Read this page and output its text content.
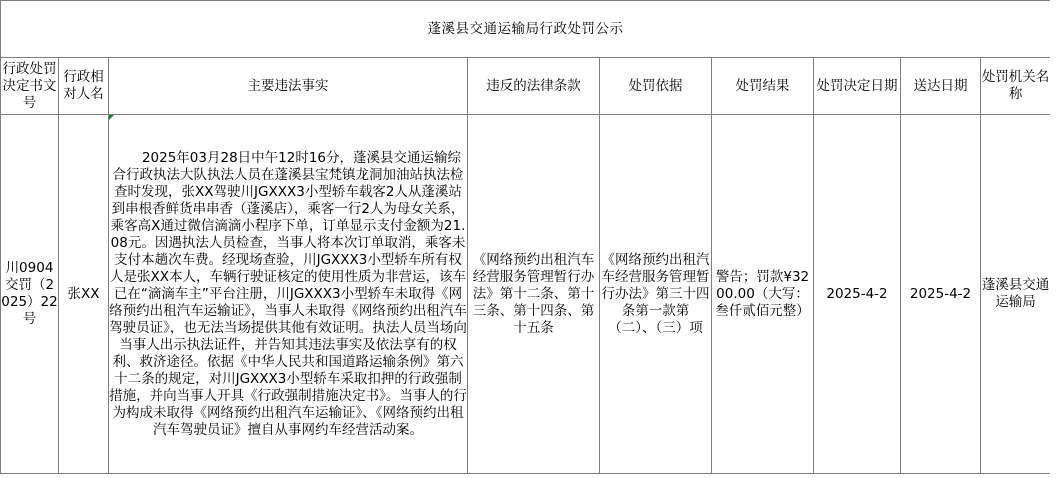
蓬溪县交通运输局行政处罚公示								
行政处罚决定书文号	行政相对人名	主要违法事实	违反的法律条款	处罚依据	处罚结果	处罚决定日期	送达日期	处罚机关名称
川0904交罚（2025）22号	张XX	2025年03月28日中午12时16分，蓬溪县交通运输综合行政执法大队执法人员在蓬溪县宝梵镇龙洞加油站执法检查时发现，张XX驾驶川JGXXX3小型轿车载客2人从蓬溪站到串根香鲜货串串香（蓬溪店），乘客一行2人为母女关系，乘客高X通过微信滴滴小程序下单，订单显示支付金额为21.08元。因遇执法人员检查，当事人将本次订单取消，乘客未支付本趟次车费。经现场查验，川JGXXX3小型轿车所有权人是张XX本人，车辆行驶证核定的使用性质为非营运，该车已在“滴滴车主”平台注册，川JGXXX3小型轿车未取得《网络预约出租汽车运输证》，当事人未取得《网络预约出租汽车驾驶员证》，也无法当场提供其他有效证明。执法人员当场向当事人出示执法证件，并告知其违法事实及依法享有的权利、救济途径。依据《中华人民共和国道路运输条例》第六十二条的规定，对川JGXXX3小型轿车采取扣押的行政强制措施，并向当事人开具《行政强制措施决定书》。当事人的行为构成未取得《网络预约出租汽车运输证》、《网络预约出租汽车驾驶员证》擅自从事网约车经营活动案。	《网络预约出租汽车经营服务管理暂行办法》第十二条、第十三条、第十四条、第十五条	《网络预约出租汽车经营服务管理暂行办法》第三十四条第一款第（二）、（三）项	警告；罚款¥3200.00（大写：叁仟贰佰元整）	2025-4-2	2025-4-2	蓬溪县交通运输局
